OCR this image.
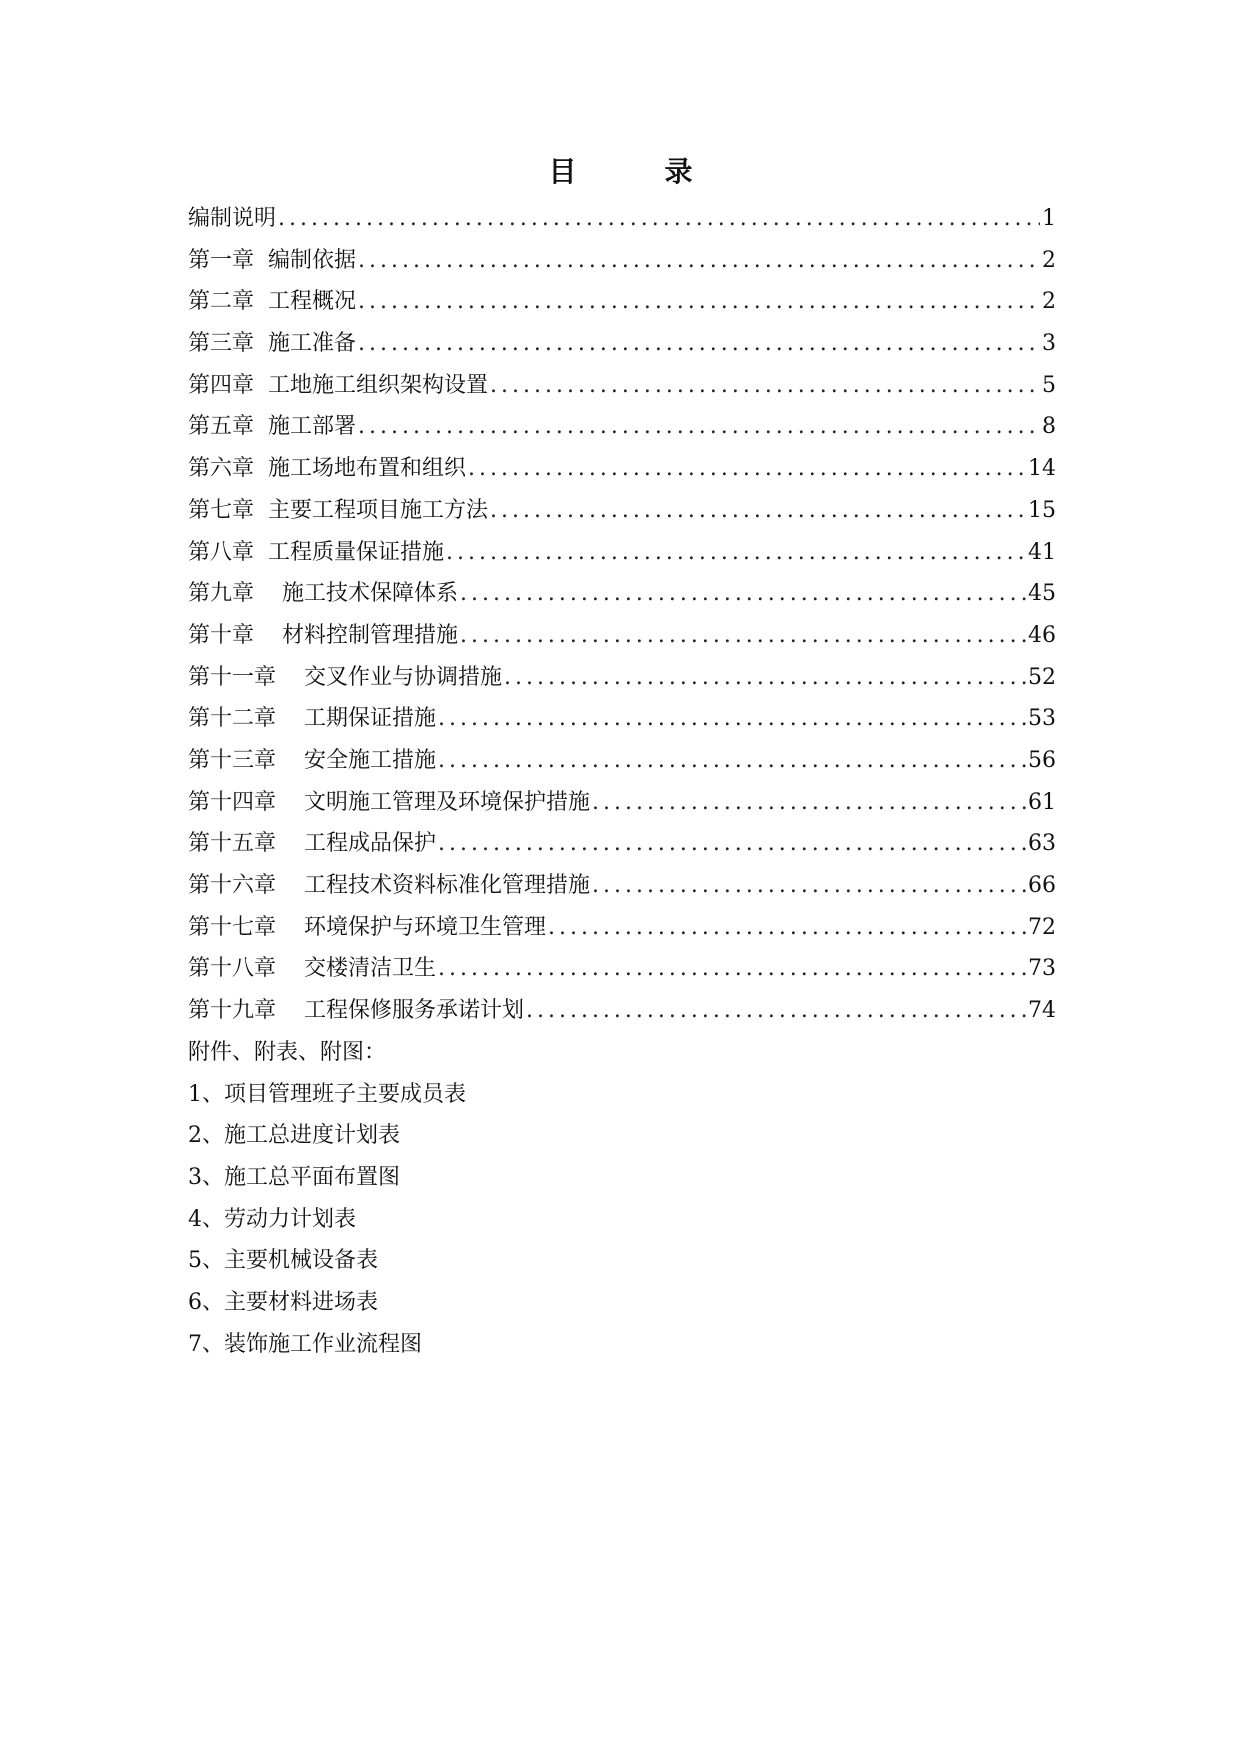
目　录
编制说明 .....	1
第一章  编制依据 .....	2
第二章  工程概况 .....	2
第三章  施工准备 .....	3
第四章  工地施工组织架构设置 .....	5
第五章  施工部署 .....	8
第六章  施工场地布置和组织 .....	14
第七章  主要工程项目施工方法 .....	15
第八章  工程质量保证措施 .....	41
第九章    施工技术保障体系 .....	45
第十章    材料控制管理措施 .....	46
第十一章    交叉作业与协调措施 .....	52
第十二章    工期保证措施 .....	53
第十三章    安全施工措施 .....	56
第十四章    文明施工管理及环境保护措施 .....	61
第十五章    工程成品保护 .....	63
第十六章    工程技术资料标准化管理措施 .....	66
第十七章    环境保护与环境卫生管理 .....	72
第十八章    交楼清洁卫生 .....	73
第十九章    工程保修服务承诺计划 .....	74
附件、附表、附图：
1、项目管理班子主要成员表
2、施工总进度计划表
3、施工总平面布置图
4、劳动力计划表
5、主要机械设备表
6、主要材料进场表
7、装饰施工作业流程图
